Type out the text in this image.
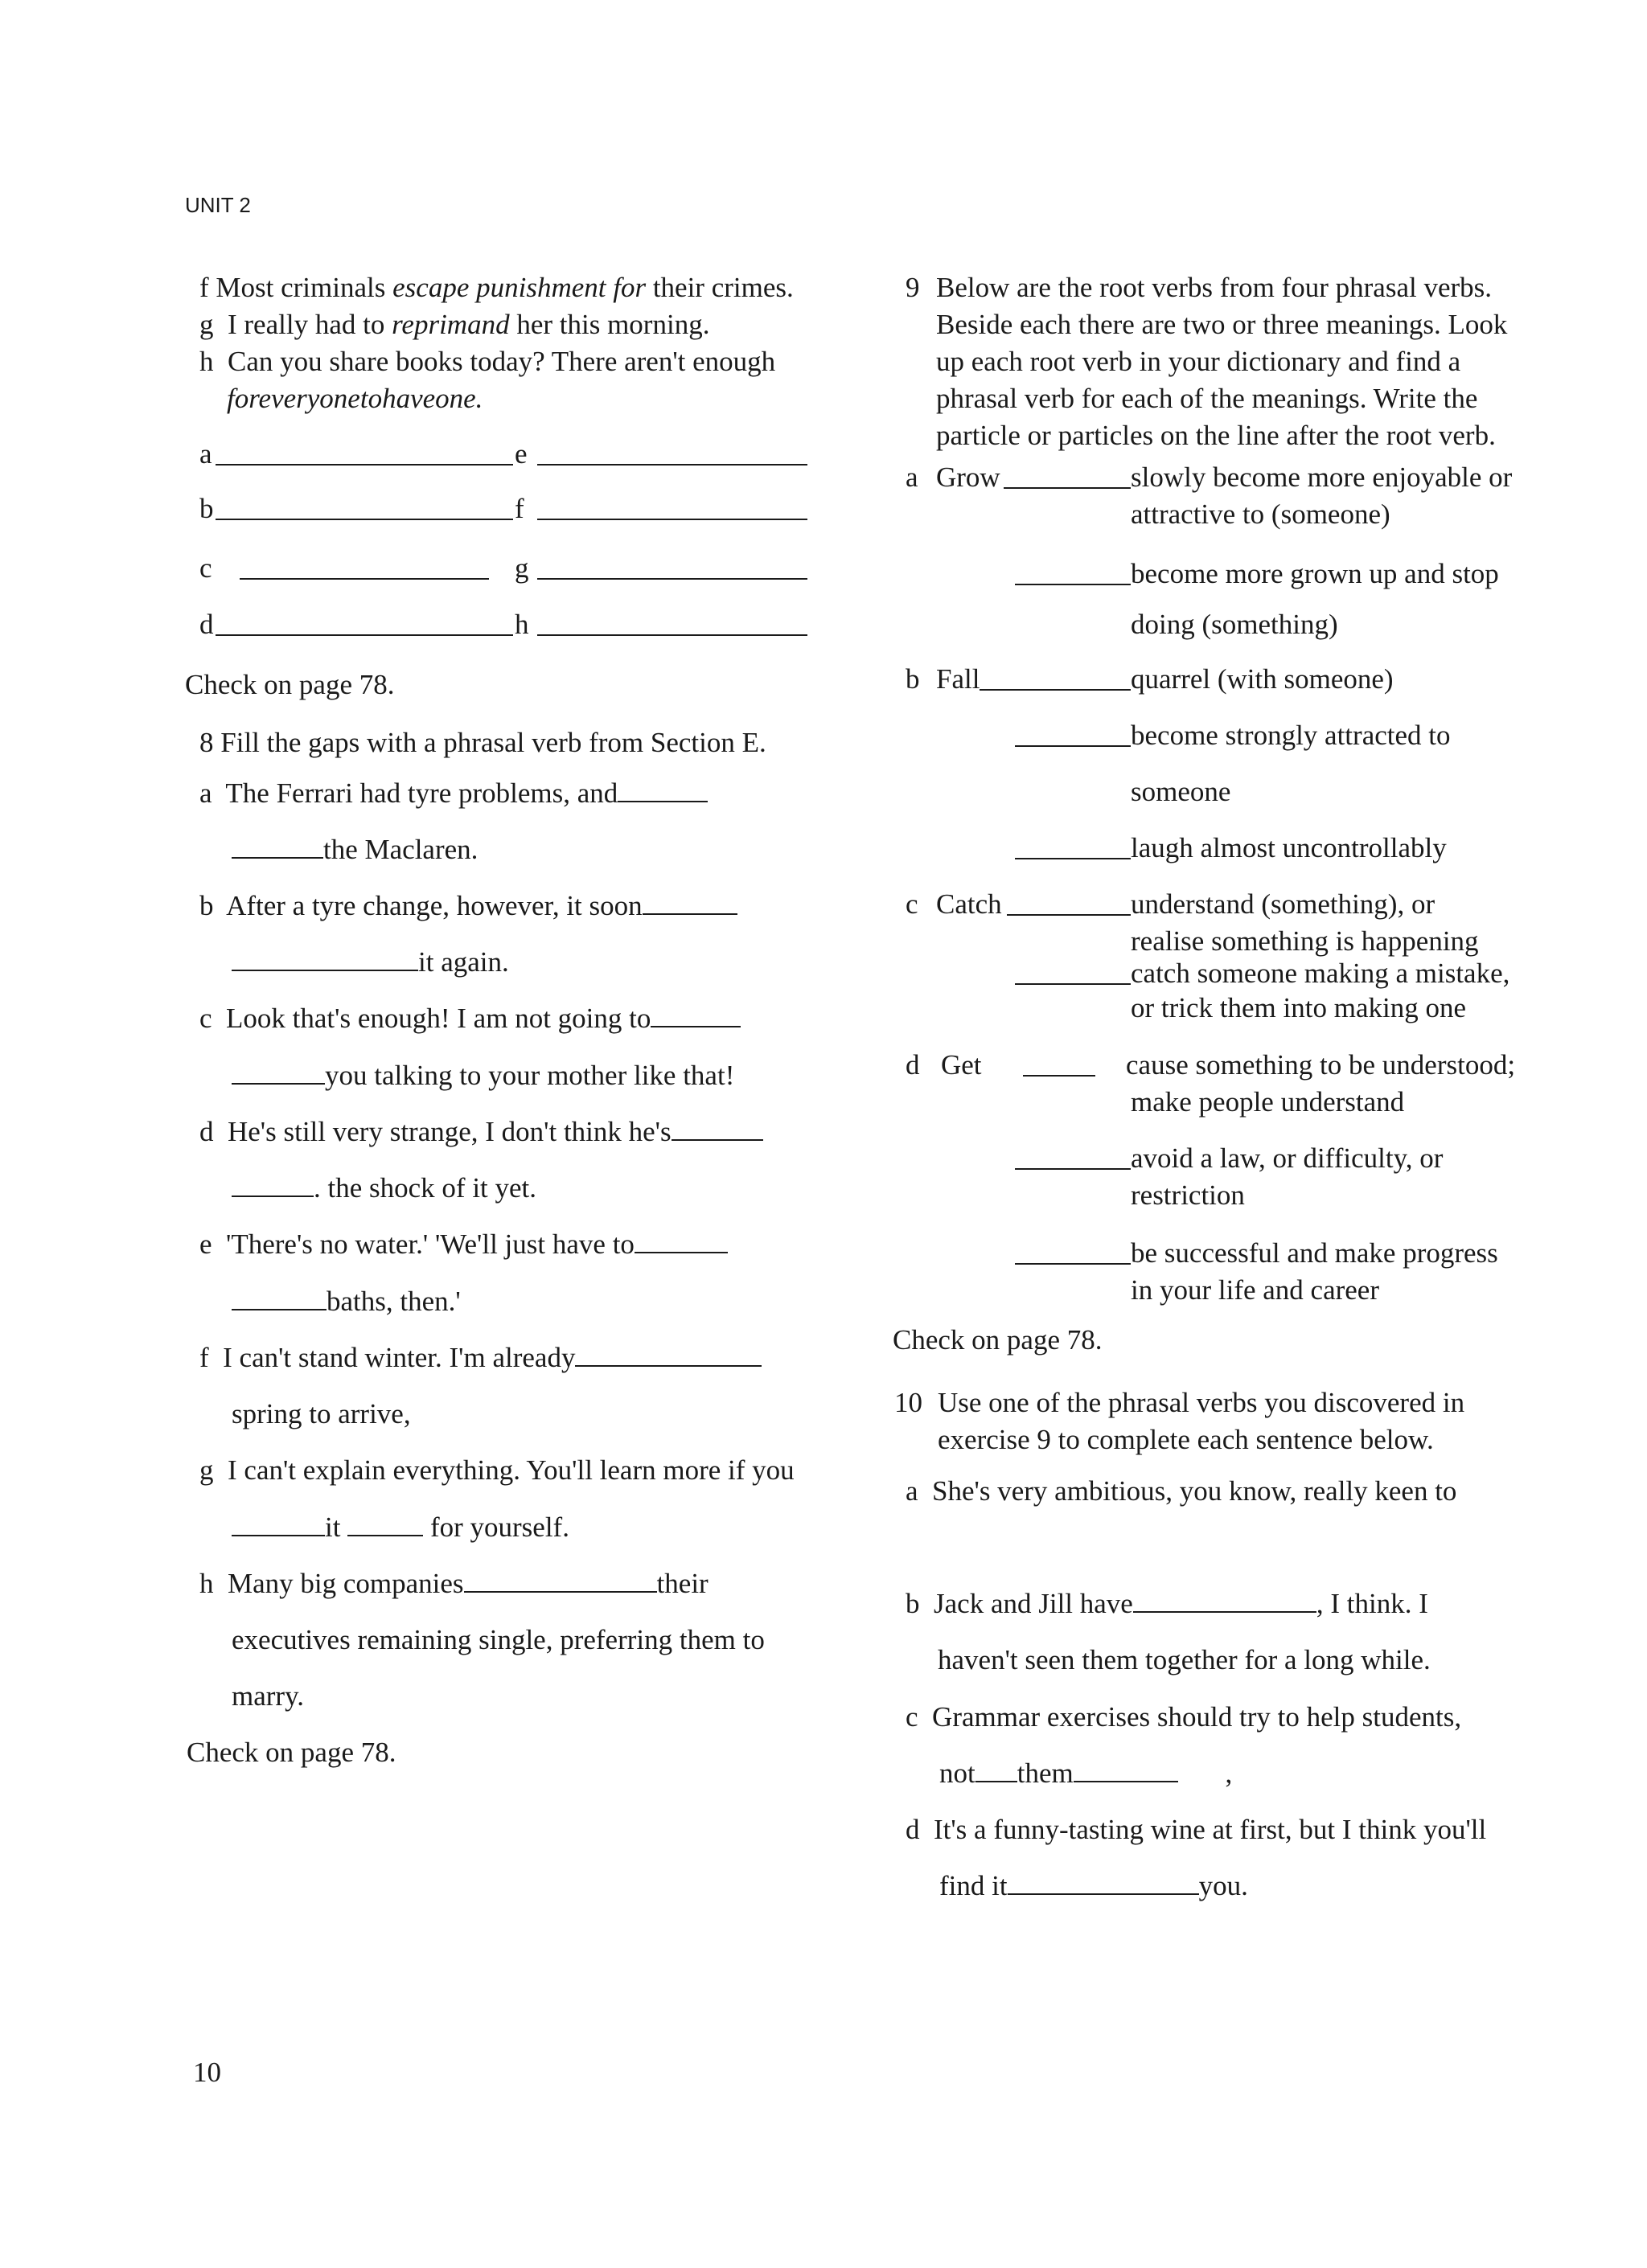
UNIT 2
f Most criminals escape punishment for their crimes.
g I really had to reprimand her this morning.
h Can you share books today? There aren't enough
foreveryonetohaveone.
a	e
b	f
c	g
d	h
Check on page 78.
8 Fill the gaps with a phrasal verb from Section E.
a The Ferrari had tyre problems, and
the Maclaren.
b After a tyre change, however, it soon
it again.
c Look that's enough! I am not going to
you talking to your mother like that!
d He's still very strange, I don't think he's
. the shock of it yet.
e 'There's no water.' 'We'll just have to
baths, then.'
f I can't stand winter. I'm already
spring to arrive,
g I can't explain everything. You'll learn more if you
it	for yourself.
h Many big companies	their
executives remaining single, preferring them to
marry.
Check on page 78.
9 Below are the root verbs from four phrasal verbs.
Beside each there are two or three meanings. Look
up each root verb in your dictionary and find a
phrasal verb for each of the meanings. Write the
particle or particles on the line after the root verb.
a Grow	slowly become more enjoyable or
attractive to (someone)
become more grown up and stop
doing (something)
b Fall	quarrel (with someone)
become strongly attracted to
someone
laugh almost uncontrollably
c Catch	understand (something), or
realise something is happening
catch someone making a mistake,
or trick them into making one
d Get	cause something to be understood;
make people understand
avoid a law, or difficulty, or
restriction
be successful and make progress
in your life and career
Check on page 78.
10 Use one of the phrasal verbs you discovered in
exercise 9 to complete each sentence below.
a She's very ambitious, you know, really keen to
b Jack and Jill have	, I think. I
haven't seen them together for a long while.
c Grammar exercises should try to help students,
not them	,
d It's a funny-tasting wine at first, but I think you'll
find it	you.
10
